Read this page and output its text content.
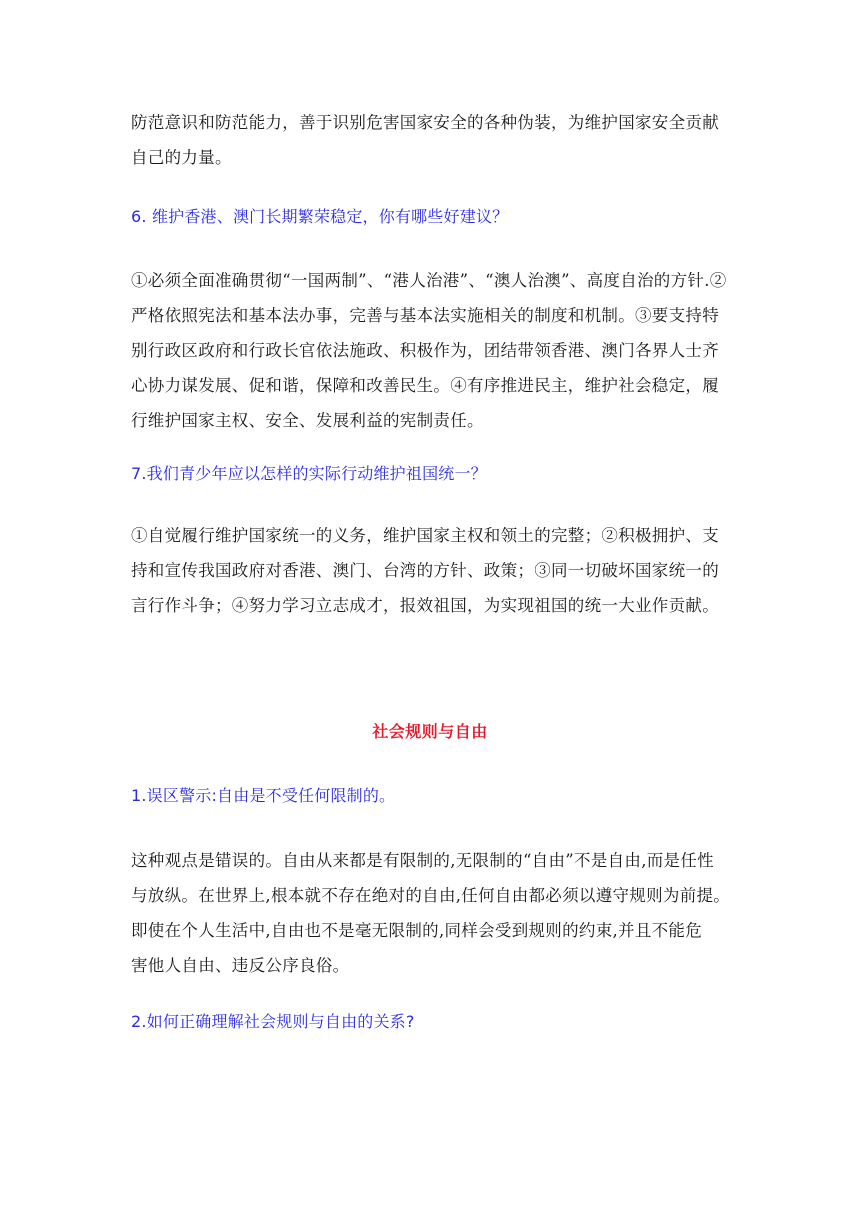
防范意识和防范能力，善于识别危害国家安全的各种伪装，为维护国家安全贡献
自己的力量。
6. 维护香港、澳门长期繁荣稳定，你有哪些好建议？
①必须全面准确贯彻“一国两制”、“港人治港”、“澳人治澳”、高度自治的方针.②
严格依照宪法和基本法办事，完善与基本法实施相关的制度和机制。③要支持特
别行政区政府和行政长官依法施政、积极作为，团结带领香港、澳门各界人士齐
心协力谋发展、促和谐，保障和改善民生。④有序推进民主，维护社会稳定，履
行维护国家主权、安全、发展利益的宪制责任。
7.我们青少年应以怎样的实际行动维护祖国统一？
①自觉履行维护国家统一的义务，维护国家主权和领土的完整；②积极拥护、支
持和宣传我国政府对香港、澳门、台湾的方针、政策；③同一切破坏国家统一的
言行作斗争；④努力学习立志成才，报效祖国，为实现祖国的统一大业作贡献。
社会规则与自由
1.误区警示:自由是不受任何限制的。
这种观点是错误的。自由从来都是有限制的,无限制的“自由”不是自由,而是任性
与放纵。在世界上,根本就不存在绝对的自由,任何自由都必须以遵守规则为前提。
即使在个人生活中,自由也不是毫无限制的,同样会受到规则的约束,并且不能危
害他人自由、违反公序良俗。
2.如何正确理解社会规则与自由的关系?
